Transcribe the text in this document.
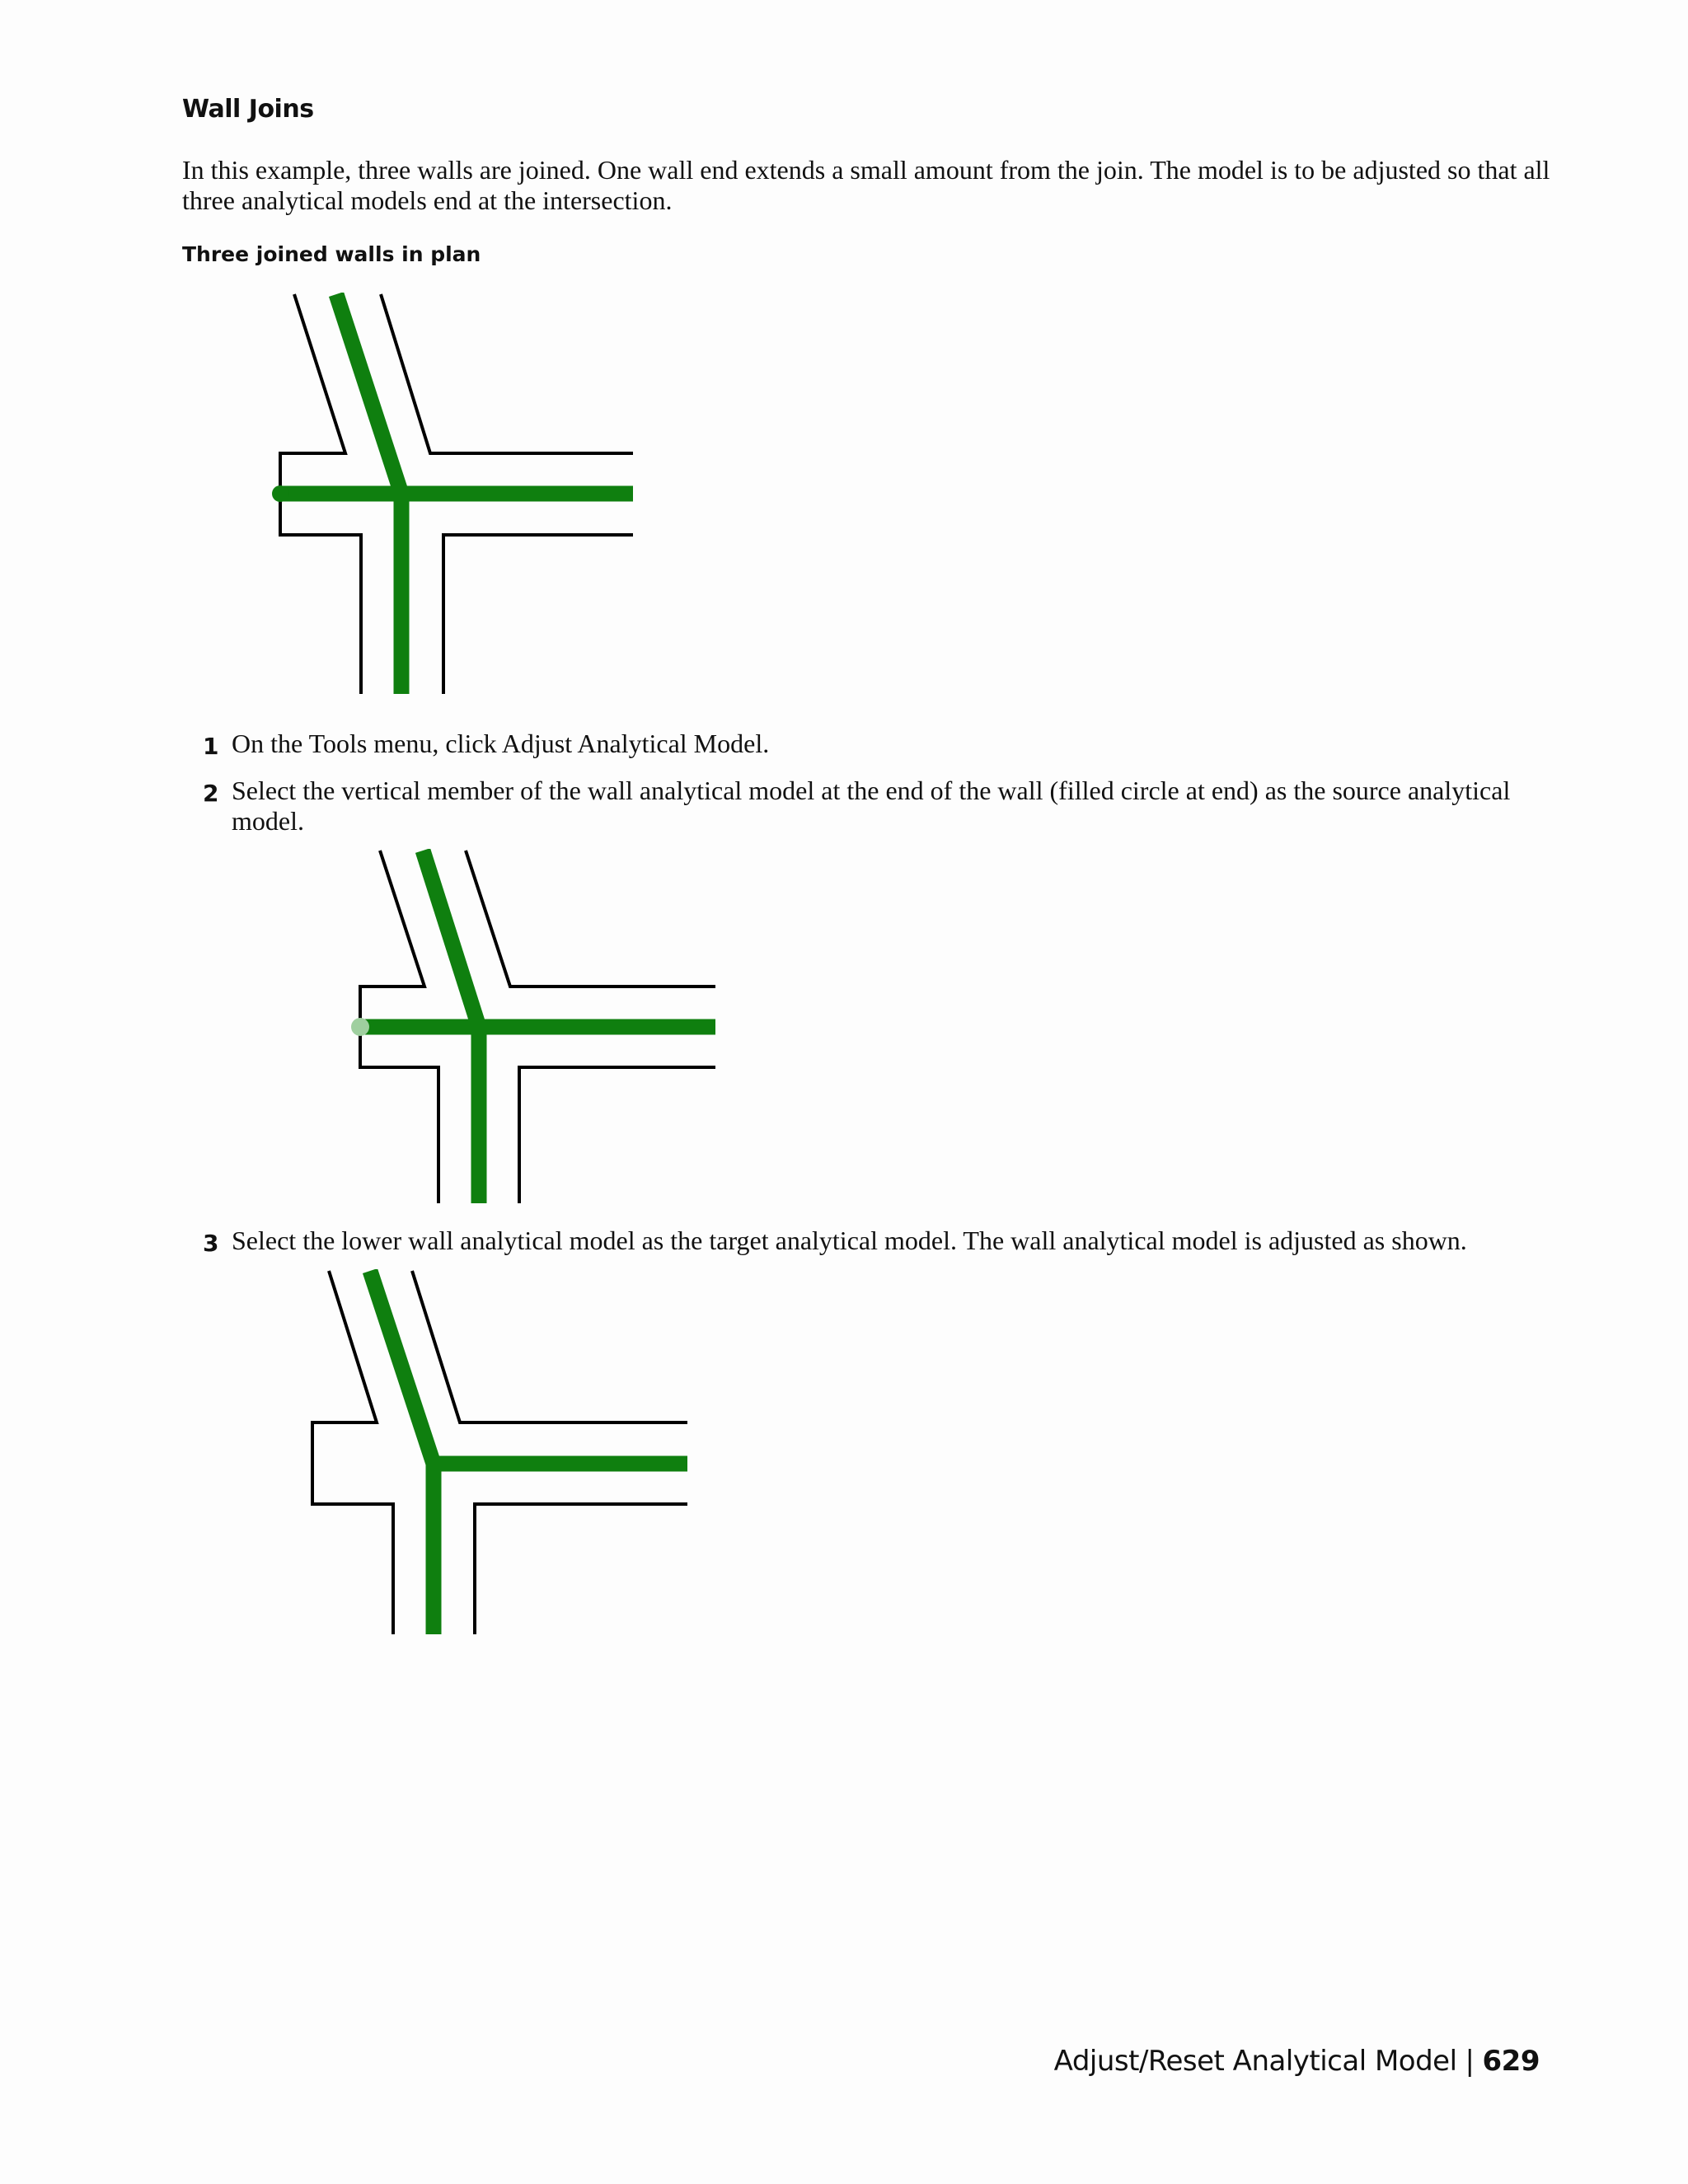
Wall Joins
In this example, three walls are joined. One wall end extends a small amount from the join. The model is to be adjusted so that all three analytical models end at the intersection.
Three joined walls in plan
1 On the Tools menu, click Adjust Analytical Model.
2 Select the vertical member of the wall analytical model at the end of the wall (filled circle at end) as the source analytical model.
3 Select the lower wall analytical model as the target analytical model. The wall analytical model is adjusted as shown.
Adjust/Reset Analytical Model | 629
